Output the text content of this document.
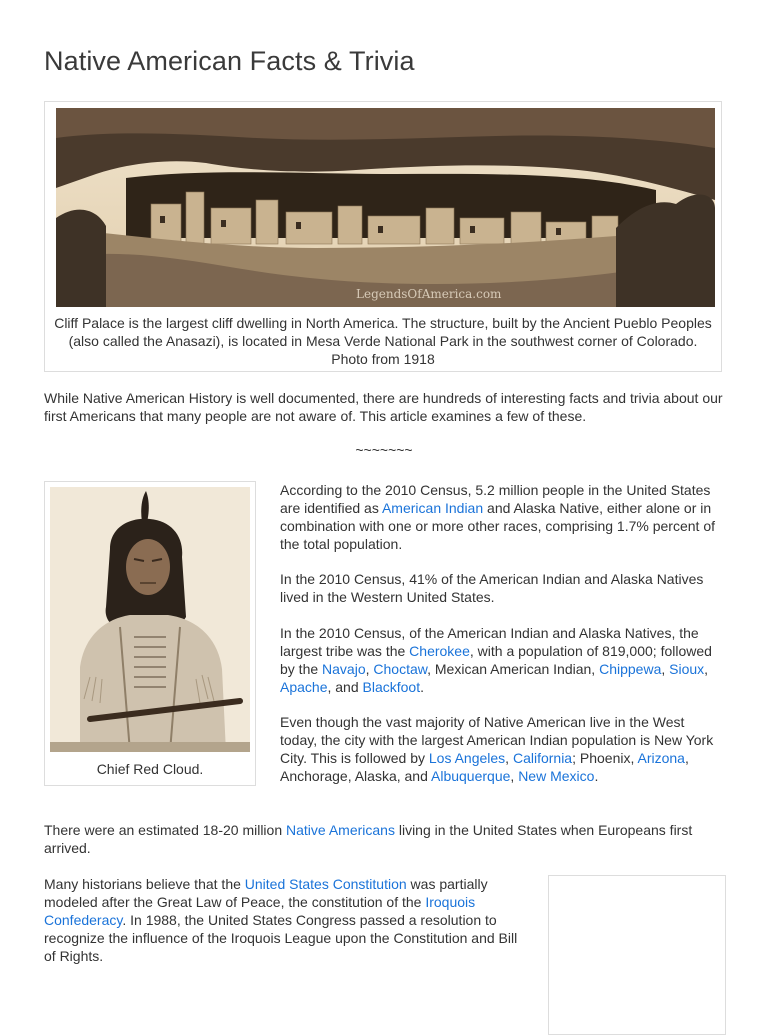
Native American Facts & Trivia
LegendsOfAmerica.com
Cliff Palace is the largest cliff dwelling in North America. The structure, built by the Ancient Pueblo Peoples (also called the Anasazi), is located in Mesa Verde National Park in the southwest corner of Colorado. Photo from 1918

While Native American History is well documented, there are hundreds of interesting facts and trivia about our first Americans that many people are not aware of. This article examines a few of these.

~~~~~~~
Chief Red Cloud.

According to the 2010 Census, 5.2 million people in the United States are identified as American Indian and Alaska Native, either alone or in combination with one or more other races, comprising 1.7% percent of the total population.

In the 2010 Census, 41% of the American Indian and Alaska Natives lived in the Western United States.

In the 2010 Census, of the American Indian and Alaska Natives, the largest tribe was the Cherokee, with a population of 819,000; followed by the Navajo, Choctaw, Mexican American Indian, Chippewa, Sioux, Apache, and Blackfoot.

Even though the vast majority of Native American live in the West today, the city with the largest American Indian population is New York City. This is followed by Los Angeles, California; Phoenix, Arizona, Anchorage, Alaska, and Albuquerque, New Mexico.

There were an estimated 18-20 million Native Americans living in the United States when Europeans first arrived.

Many historians believe that the United States Constitution was partially modeled after the Great Law of Peace, the constitution of the Iroquois Confederacy. In 1988, the United States Congress passed a resolution to recognize the influence of the Iroquois League upon the Constitution and Bill of Rights.
